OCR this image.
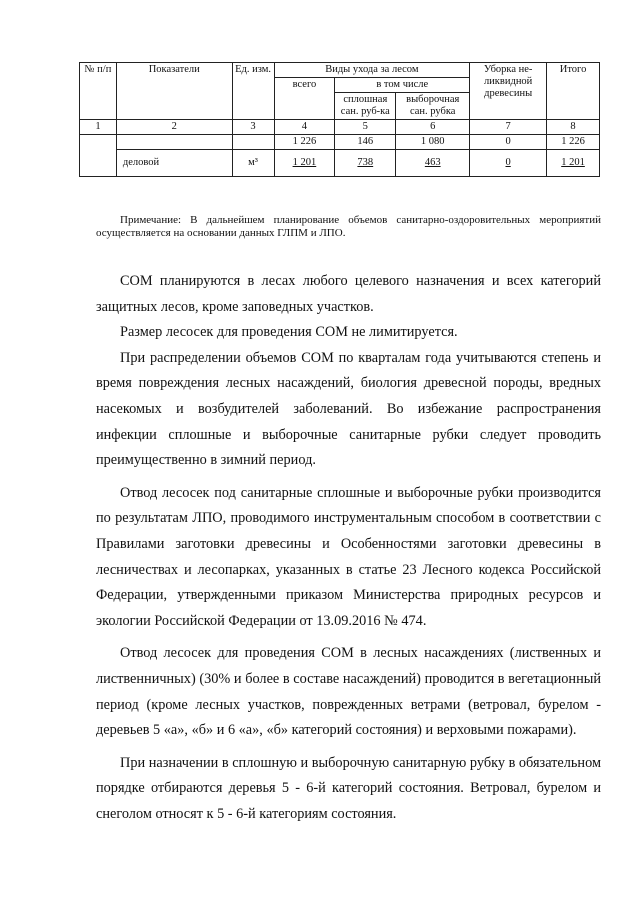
№ п/п	Показатели	Ед. изм.	Виды ухода за лесом			Уборка не-ликвидной древесины	Итого
			всего	в том числе			
				сплошная сан. руб-ка	выборочная сан. рубка		
1	2	3	4	5	6	7	8
			1 226	146	1 080	0	1 226
	деловой	м³	1 201	738	463	0	1 201

Примечание: В дальнейшем планирование объемов санитарно-оздоровительных мероприятий осуществляется на основании данных ГЛПМ и ЛПО.

СОМ планируются в лесах любого целевого назначения и всех категорий защитных лесов, кроме заповедных участков.

Размер лесосек для проведения СОМ не лимитируется.

При распределении объемов СОМ по кварталам года учитываются степень и время повреждения лесных насаждений, биология древесной породы, вредных насекомых и возбудителей заболеваний. Во избежание распространения инфекции сплошные и выборочные санитарные рубки следует проводить преимущественно в зимний период.

Отвод лесосек под санитарные сплошные и выборочные рубки производится по результатам ЛПО, проводимого инструментальным способом в соответствии с Правилами заготовки древесины и Особенностями заготовки древесины в лесничествах и лесопарках, указанных в статье 23 Лесного кодекса Российской Федерации, утвержденными приказом Министерства природных ресурсов и экологии Российской Федерации от 13.09.2016 № 474.

Отвод лесосек для проведения СОМ в лесных насаждениях (лиственных и лиственничных) (30% и более в составе насаждений) проводится в вегетационный период (кроме лесных участков, поврежденных ветрами (ветровал, бурелом - деревьев 5 «а», «б» и 6 «а», «б» категорий состояния) и верховыми пожарами).

При назначении в сплошную и выборочную санитарную рубку в обязательном порядке отбираются деревья 5 - 6-й категорий состояния. Ветровал, бурелом и снеголом относят к 5 - 6-й категориям состояния.
